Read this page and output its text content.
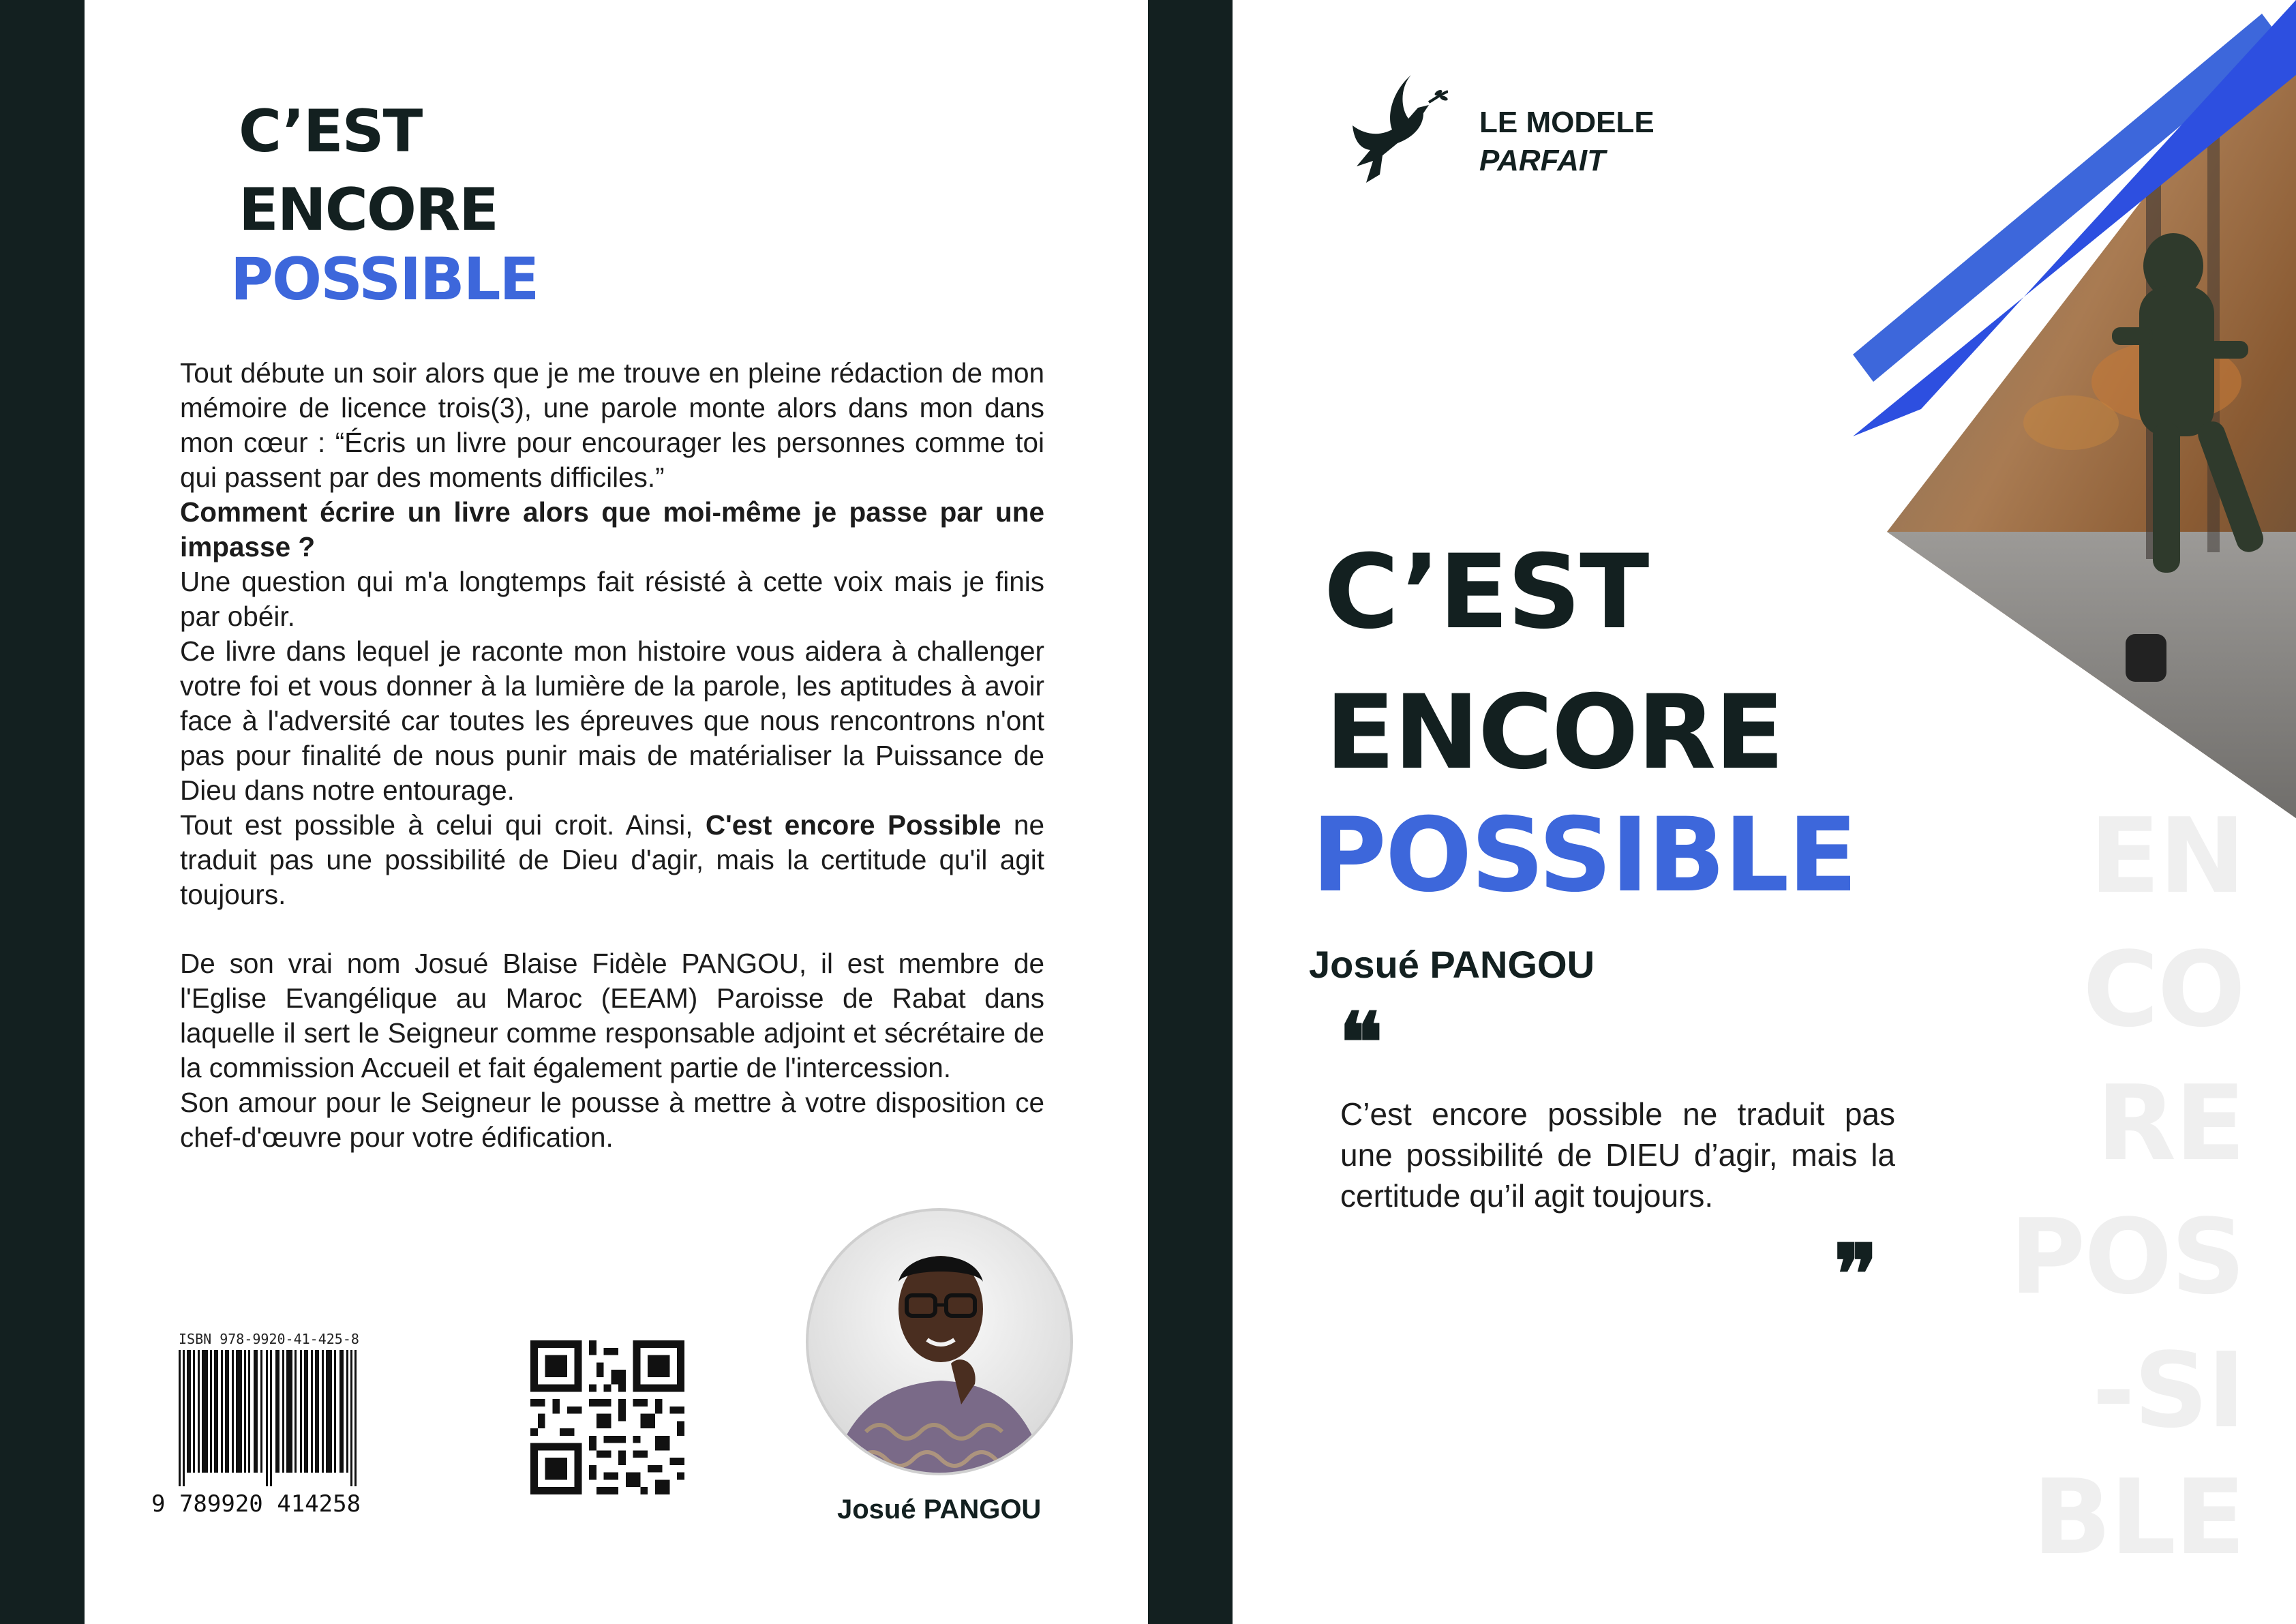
C’EST
ENCORE
POSSIBLE

Tout débute un soir alors que je me trouve en pleine rédaction de mon mémoire de licence trois(3), une parole monte alors dans mon dans mon cœur : “Écris un livre pour encourager les personnes comme toi qui passent par des moments difficiles.”

Comment écrire un livre alors que moi-même je passe par une impasse ?

Une question qui m'a longtemps fait résisté à cette voix mais je finis par obéir.

Ce livre dans lequel je raconte mon histoire vous aidera à challenger votre foi et vous donner à la lumière de la parole, les aptitudes à avoir face à l'adversité car toutes les épreuves que nous rencontrons n'ont pas pour finalité de nous punir mais de matérialiser la Puissance de Dieu dans notre entourage.

Tout est possible à celui qui croit. Ainsi, C'est encore Possible ne traduit pas une possibilité de Dieu d'agir, mais la certitude qu'il agit toujours.

De son vrai nom Josué Blaise Fidèle PANGOU, il est membre de l'Eglise Evangélique au Maroc (EEAM) Paroisse de Rabat dans laquelle il sert le Seigneur comme responsable adjoint et sécrétaire de la commission Accueil et fait également partie de l'intercession.

Son amour pour le Seigneur le pousse à mettre à votre disposition ce chef-d'œuvre pour votre édification.

ISBN 978-9920-41-425-8
9 789920 414258	Josué PANGOU
LE MODELE
PARFAIT
C’EST
ENCORE
POSSIBLE
Josué PANGOU
❝
C’est encore possible ne traduit pas une possibilité de DIEU d’agir, mais la certitude qu’il agit toujours.
❞
EN
CO
RE
POS
-SI
BLE
